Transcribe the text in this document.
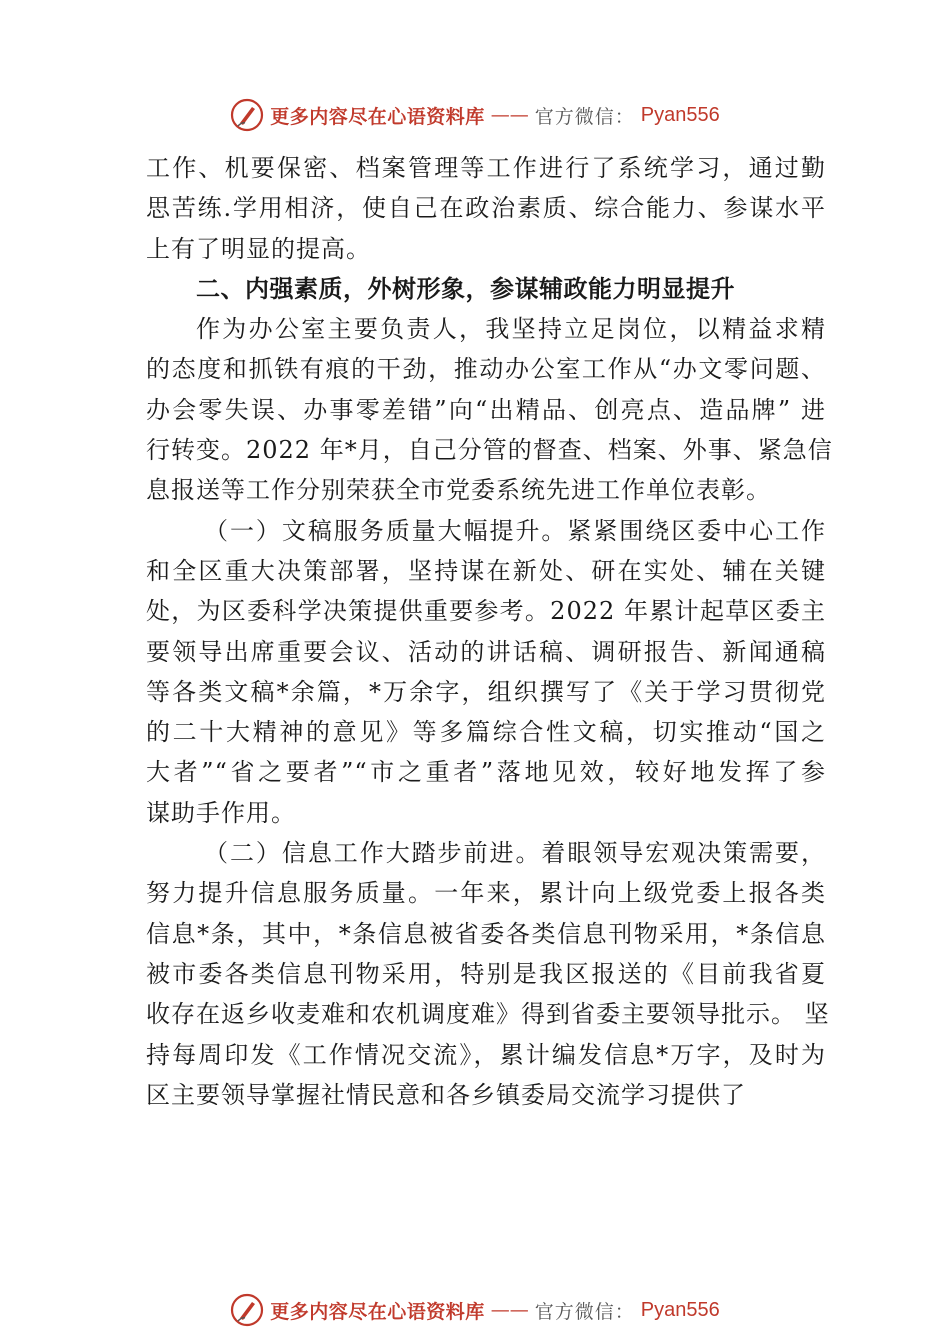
更多内容尽在心语资料库 —— 官方微信： Pyan556
工作、机要保密、档案管理等工作进行了系统学习，通过勤
思苦练.学用相济，使自己在政治素质、综合能力、参谋水平
上有了明显的提高。
二、内强素质，外树形象，参谋辅政能力明显提升
作为办公室主要负责人，我坚持立足岗位，以精益求精
的态度和抓铁有痕的干劲，推动办公室工作从“办文零问题、
办会零失误、办事零差错”向“出精品、创亮点、造品牌” 进
行转变。2022 年*月，自己分管的督查、档案、外事、紧急信
息报送等工作分别荣获全市党委系统先进工作单位表彰。
（一）文稿服务质量大幅提升。紧紧围绕区委中心工作
和全区重大决策部署，坚持谋在新处、研在实处、辅在关键
处，为区委科学决策提供重要参考。2022 年累计起草区委主
要领导出席重要会议、活动的讲话稿、调研报告、新闻通稿
等各类文稿*余篇，*万余字，组织撰写了《关于学习贯彻党
的二十大精神的意见》等多篇综合性文稿，切实推动“国之
大者”“省之要者”“市之重者”落地见效，较好地发挥了参
谋助手作用。
（二）信息工作大踏步前进。着眼领导宏观决策需要，
努力提升信息服务质量。一年来，累计向上级党委上报各类
信息*条，其中，*条信息被省委各类信息刊物采用，*条信息
被市委各类信息刊物采用，特别是我区报送的《目前我省夏
收存在返乡收麦难和农机调度难》得到省委主要领导批示。 坚
持每周印发《工作情况交流》，累计编发信息*万字，及时为
区主要领导掌握社情民意和各乡镇委局交流学习提供了
更多内容尽在心语资料库 —— 官方微信： Pyan556
